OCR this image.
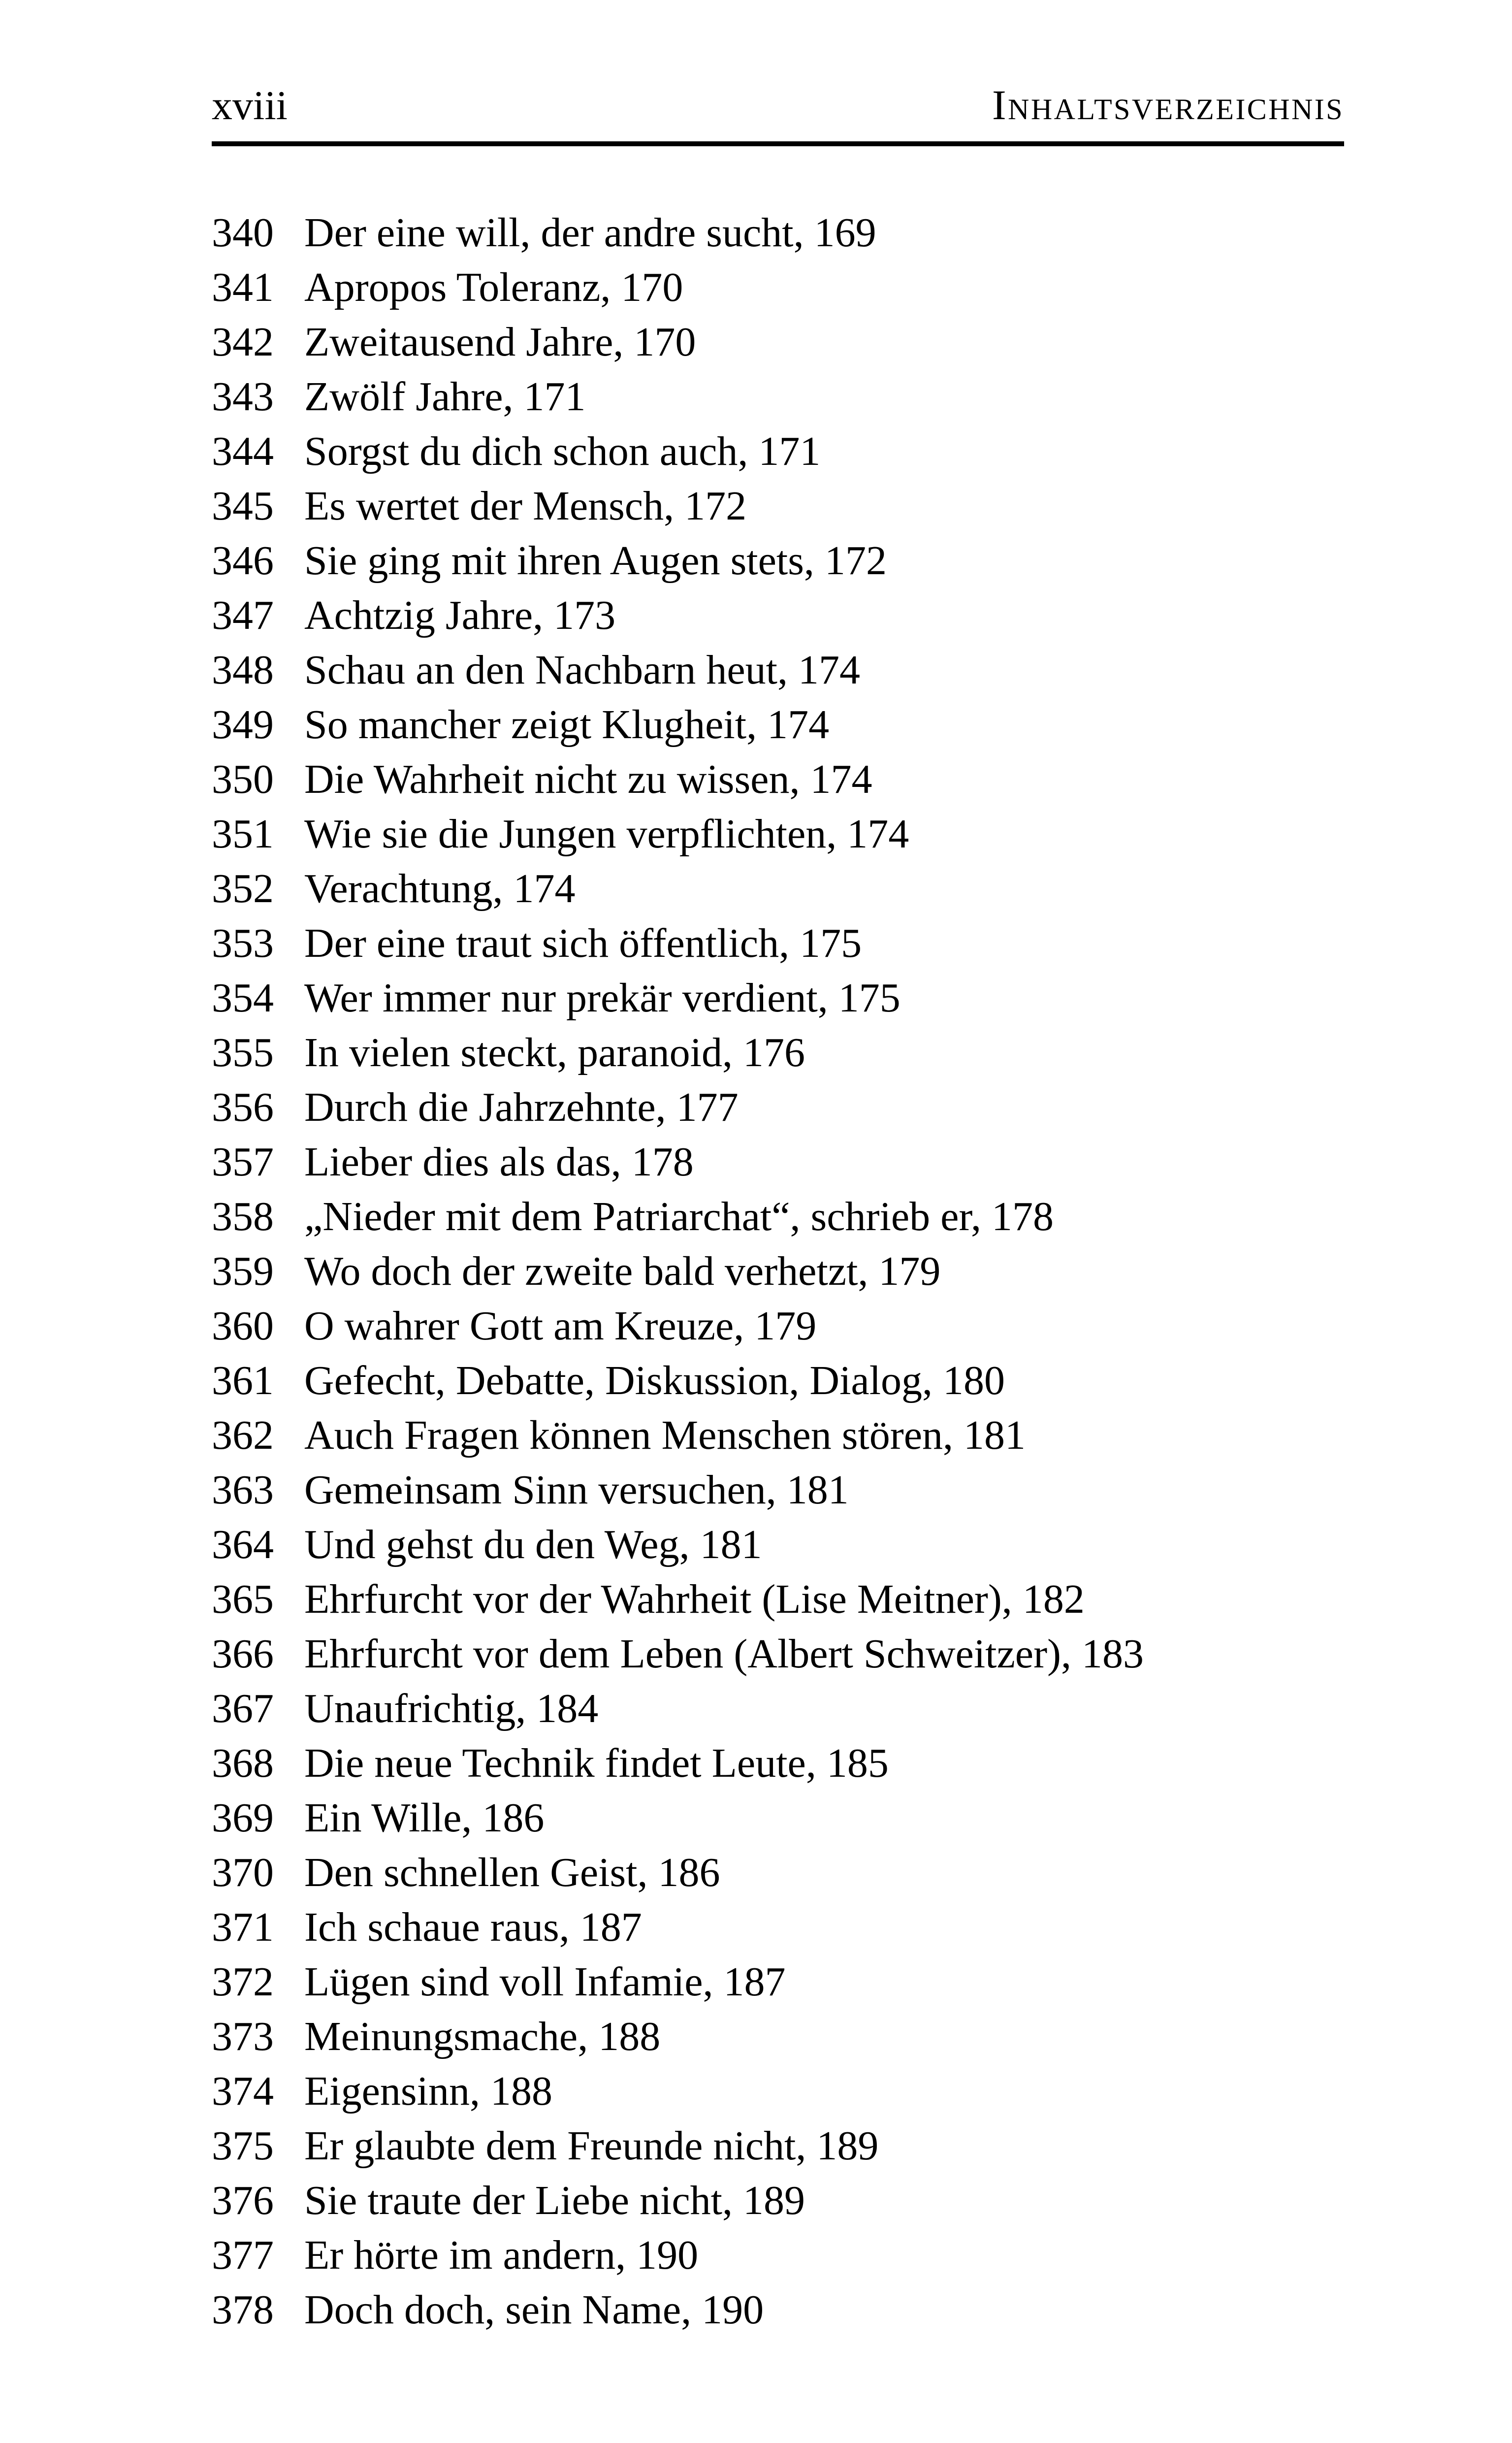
xviii	Inhaltsverzeichnis
340 Der eine will, der andre sucht, 169
341 Apropos Toleranz, 170
342 Zweitausend Jahre, 170
343 Zwölf Jahre, 171
344 Sorgst du dich schon auch, 171
345 Es wertet der Mensch, 172
346 Sie ging mit ihren Augen stets, 172
347 Achtzig Jahre, 173
348 Schau an den Nachbarn heut, 174
349 So mancher zeigt Klugheit, 174
350 Die Wahrheit nicht zu wissen, 174
351 Wie sie die Jungen verpflichten, 174
352 Verachtung, 174
353 Der eine traut sich öffentlich, 175
354 Wer immer nur prekär verdient, 175
355 In vielen steckt, paranoid, 176
356 Durch die Jahrzehnte, 177
357 Lieber dies als das, 178
358 „Nieder mit dem Patriarchat“, schrieb er, 178
359 Wo doch der zweite bald verhetzt, 179
360 O wahrer Gott am Kreuze, 179
361 Gefecht, Debatte, Diskussion, Dialog, 180
362 Auch Fragen können Menschen stören, 181
363 Gemeinsam Sinn versuchen, 181
364 Und gehst du den Weg, 181
365 Ehrfurcht vor der Wahrheit (Lise Meitner), 182
366 Ehrfurcht vor dem Leben (Albert Schweitzer), 183
367 Unaufrichtig, 184
368 Die neue Technik findet Leute, 185
369 Ein Wille, 186
370 Den schnellen Geist, 186
371 Ich schaue raus, 187
372 Lügen sind voll Infamie, 187
373 Meinungsmache, 188
374 Eigensinn, 188
375 Er glaubte dem Freunde nicht, 189
376 Sie traute der Liebe nicht, 189
377 Er hörte im andern, 190
378 Doch doch, sein Name, 190
